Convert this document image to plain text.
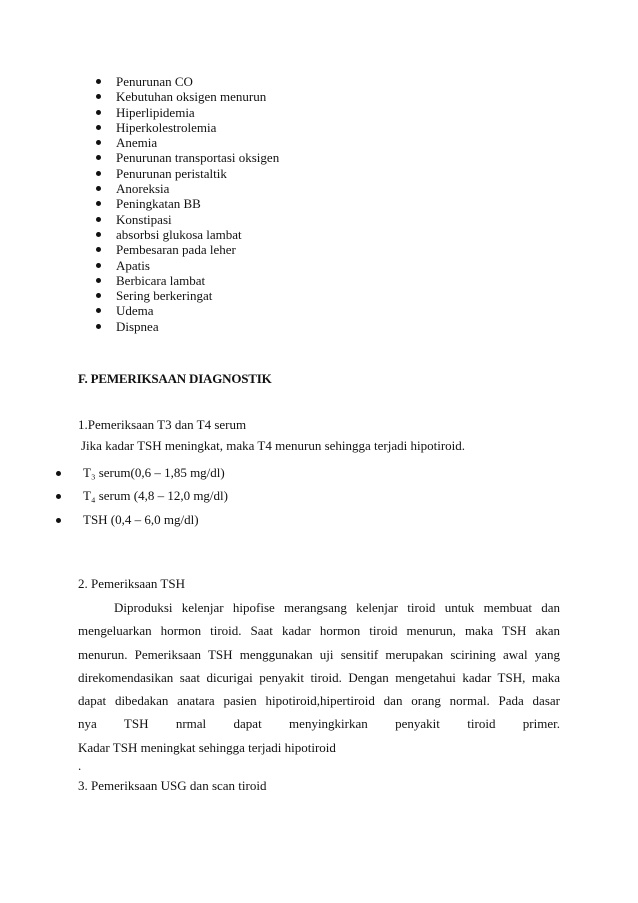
Penurunan CO
Kebutuhan oksigen menurun
Hiperlipidemia
Hiperkolestrolemia
Anemia
Penurunan transportasi oksigen
Penurunan peristaltik
Anoreksia
Peningkatan BB
Konstipasi
absorbsi glukosa lambat
Pembesaran pada leher
Apatis
Berbicara lambat
Sering berkeringat
Udema
Dispnea
F. PEMERIKSAAN DIAGNOSTIK
1.Pemeriksaan T3 dan T4 serum
Jika kadar TSH meningkat, maka T4 menurun sehingga terjadi hipotiroid.
T₃ serum(0,6 – 1,85 mg/dl)
T₄ serum (4,8 – 12,0 mg/dl)
TSH (0,4 – 6,0 mg/dl)
2. Pemeriksaan TSH
Diproduksi kelenjar hipofise merangsang kelenjar tiroid untuk membuat dan
mengeluarkan hormon tiroid. Saat kadar hormon tiroid menurun, maka TSH akan
menurun. Pemeriksaan TSH menggunakan uji sensitif merupakan scirining awal yang
direkomendasikan saat dicurigai penyakit tiroid. Dengan mengetahui kadar TSH, maka
dapat dibedakan anatara pasien hipotiroid,hipertiroid dan orang normal. Pada dasar
nya TSH nrmal dapat menyingkirkan penyakit tiroid primer.
Kadar TSH meningkat sehingga terjadi hipotiroid
.
3. Pemeriksaan USG dan scan tiroid
